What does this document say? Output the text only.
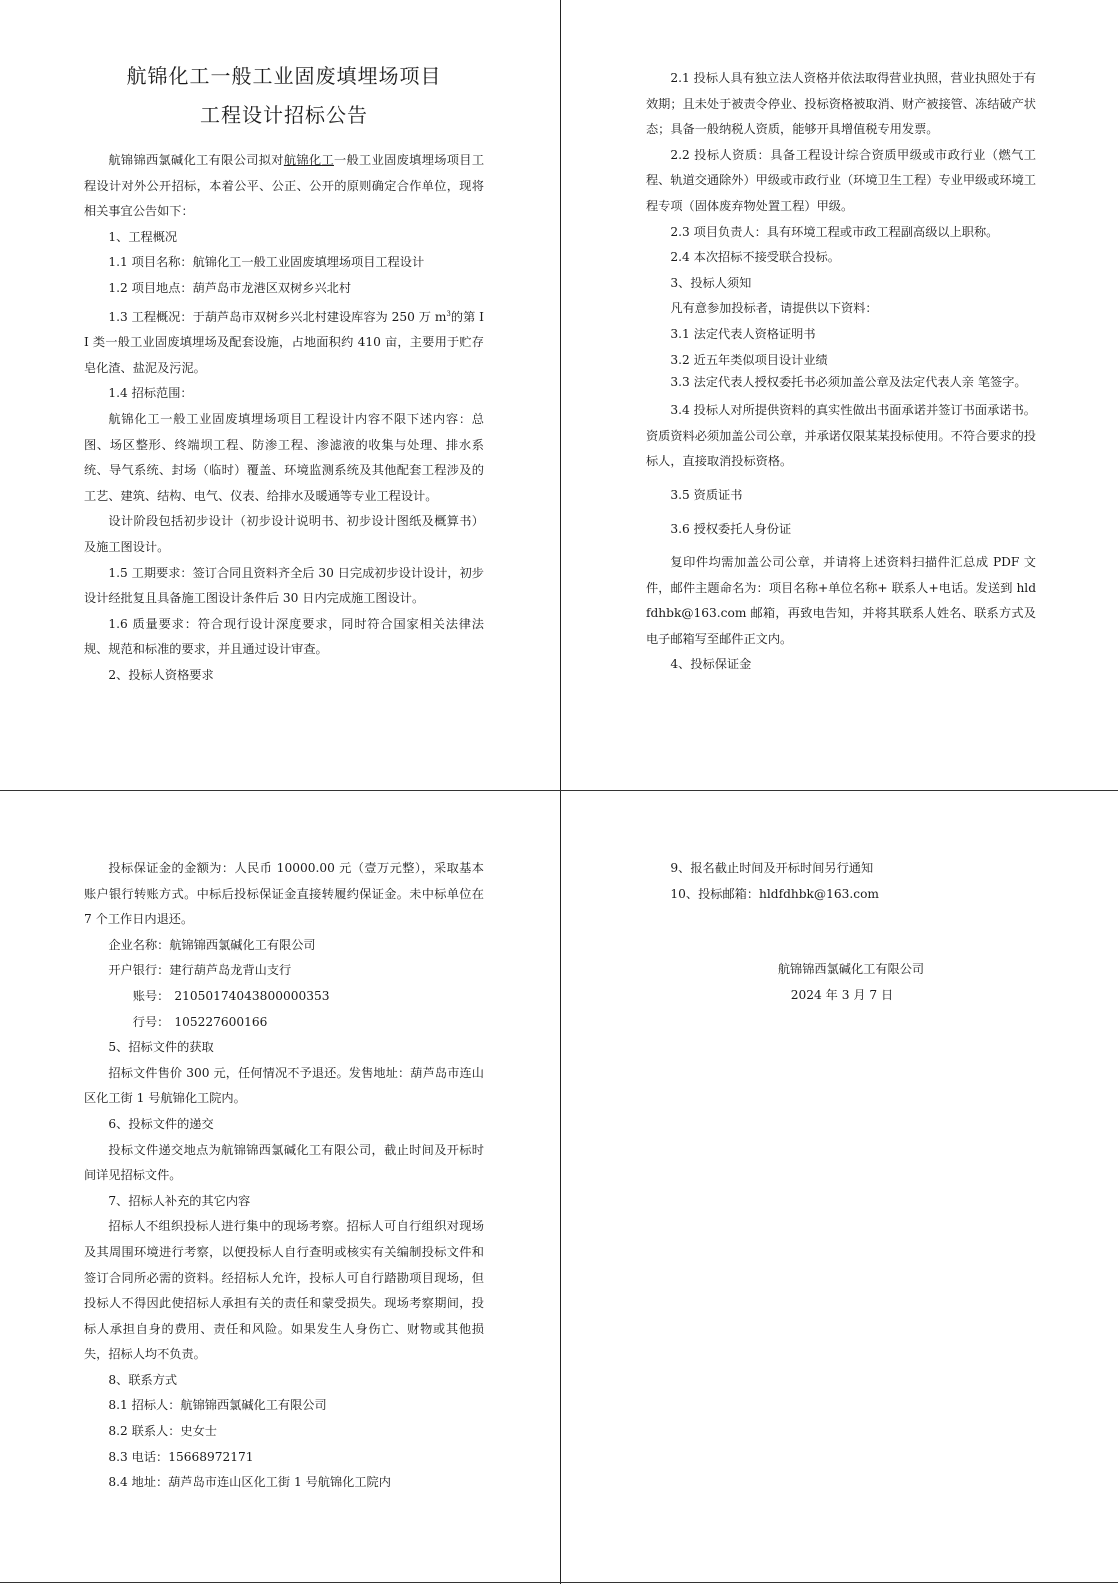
航锦化工一般工业固废填埋场项目
工程设计招标公告

航锦锦西氯碱化工有限公司拟对航锦化工一般工业固废填埋场项目工程设计对外公开招标，本着公平、公正、公开的原则确定合作单位，现将相关事宜公告如下：

1、工程概况

1.1 项目名称：航锦化工一般工业固废填埋场项目工程设计

1.2 项目地点：葫芦岛市龙港区双树乡兴北村

1.3 工程概况：于葫芦岛市双树乡兴北村建设库容为 250 万 $m^3$的第 II 类一般工业固废填埋场及配套设施，占地面积约 410 亩，主要用于贮存皂化渣、盐泥及污泥。

1.4 招标范围：

航锦化工一般工业固废填埋场项目工程设计内容不限下述内容：总图、场区整形、终端坝工程、防渗工程、渗滤液的收集与处理、排水系统、导气系统、封场（临时）覆盖、环境监测系统及其他配套工程涉及的工艺、建筑、结构、电气、仪表、给排水及暖通等专业工程设计。

设计阶段包括初步设计（初步设计说明书、初步设计图纸及概算书）及施工图设计。

1.5 工期要求：签订合同且资料齐全后 30 日完成初步设计设计，初步设计经批复且具备施工图设计条件后 30 日内完成施工图设计。

1.6 质量要求：符合现行设计深度要求，同时符合国家相关法律法规、规范和标准的要求，并且通过设计审查。

2、投标人资格要求

2.1 投标人具有独立法人资格并依法取得营业执照，营业执照处于有效期；且未处于被责令停业、投标资格被取消、财产被接管、冻结破产状态；具备一般纳税人资质，能够开具增值税专用发票。

2.2 投标人资质：具备工程设计综合资质甲级或市政行业（燃气工程、轨道交通除外）甲级或市政行业（环境卫生工程）专业甲级或环境工程专项（固体废弃物处置工程）甲级。

2.3 项目负责人：具有环境工程或市政工程副高级以上职称。

2.4 本次招标不接受联合投标。

3、投标人须知

凡有意参加投标者，请提供以下资料：

3.1 法定代表人资格证明书

3.2 近五年类似项目设计业绩

3.3 法定代表人授权委托书必须加盖公章及法定代表人亲 笔签字。

3.4 投标人对所提供资料的真实性做出书面承诺并签订书面承诺书。资质资料必须加盖公司公章，并承诺仅限某某投标使用。不符合要求的投标人，直接取消投标资格。

3.5 资质证书

3.6 授权委托人身份证

复印件均需加盖公司公章，并请将上述资料扫描件汇总成 PDF 文件，邮件主题命名为：项目名称+单位名称+ 联系人+电话。发送到 hldfdhbk@163.com 邮箱，再致电告知，并将其联系人姓名、联系方式及电子邮箱写至邮件正文内。

4、投标保证金

投标保证金的金额为：人民币 10000.00 元（壹万元整），采取基本账户银行转账方式。中标后投标保证金直接转履约保证金。未中标单位在 7 个工作日内退还。

企业名称：航锦锦西氯碱化工有限公司

开户银行：建行葫芦岛龙背山支行

账号： 21050174043800000353

行号： 105227600166

5、招标文件的获取

招标文件售价 300 元，任何情况不予退还。发售地址：葫芦岛市连山区化工街 1 号航锦化工院内。

6、投标文件的递交

投标文件递交地点为航锦锦西氯碱化工有限公司，截止时间及开标时间详见招标文件。

7、招标人补充的其它内容

招标人不组织投标人进行集中的现场考察。招标人可自行组织对现场及其周围环境进行考察，以便投标人自行查明或核实有关编制投标文件和签订合同所必需的资料。经招标人允许，投标人可自行踏勘项目现场，但投标人不得因此使招标人承担有关的责任和蒙受损失。现场考察期间，投标人承担自身的费用、责任和风险。如果发生人身伤亡、财物或其他损失，招标人均不负责。

8、联系方式

8.1 招标人：航锦锦西氯碱化工有限公司

8.2 联系人：史女士

8.3 电话：15668972171

8.4 地址：葫芦岛市连山区化工街 1 号航锦化工院内

9、报名截止时间及开标时间另行通知

10、投标邮箱：hldfdhbk@163.com

航锦锦西氯碱化工有限公司

2024 年 3 月 7 日
